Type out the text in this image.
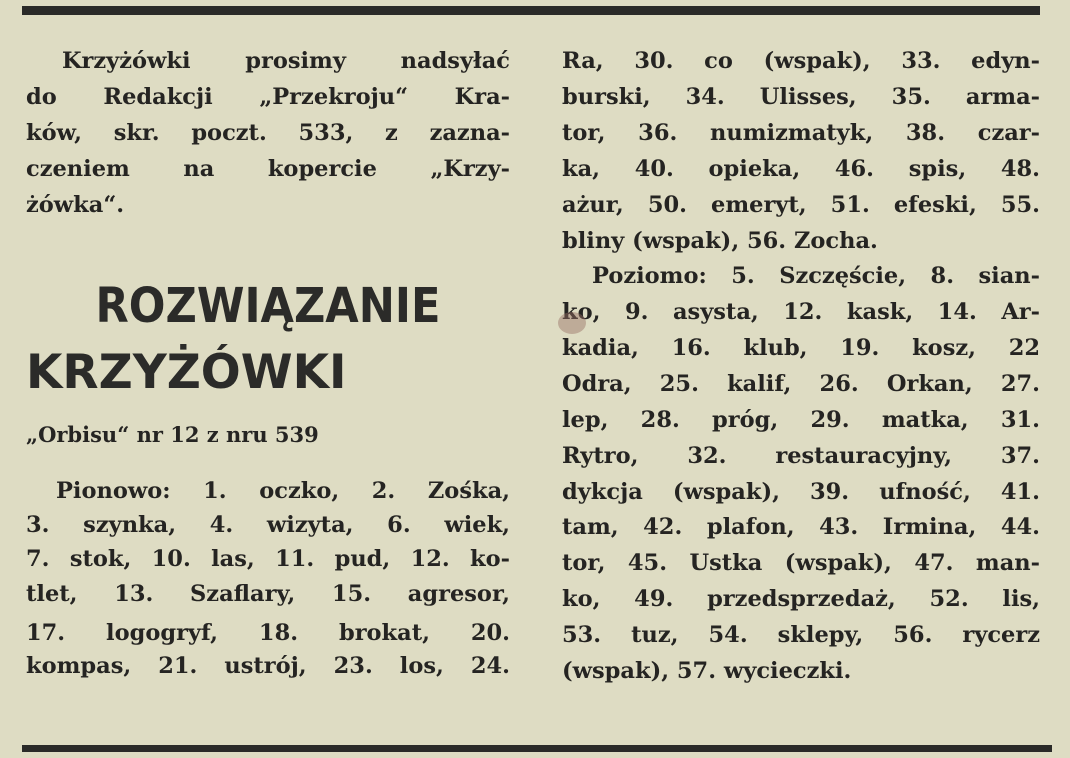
Krzyżówki prosimy nadsyłać
do Redakcji „Przekroju“ Kra-
ków, skr. poczt. 533, z zazna-
czeniem na kopercie „Krzy-
żówka“.
ROZWIĄZANIE
KRZYŻÓWKI
„Orbisu“ nr 12 z nru 539
Pionowo: 1. oczko, 2. Zośka,
3. szynka, 4. wizyta, 6. wiek,
7. stok, 10. las, 11. pud, 12. ko-
tlet, 13. Szaflary, 15. agresor,
17. logogryf, 18. brokat, 20.
kompas, 21. ustrój, 23. los, 24.
Ra, 30. co (wspak), 33. edyn-
burski, 34. Ulisses, 35. arma-
tor, 36. numizmatyk, 38. czar-
ka, 40. opieka, 46. spis, 48.
ażur, 50. emeryt, 51. efeski, 55.
bliny (wspak), 56. Zocha.
Poziomo: 5. Szczęście, 8. sian-
ko, 9. asysta, 12. kask, 14. Ar-
kadia, 16. klub, 19. kosz, 22
Odra, 25. kalif, 26. Orkan, 27.
lep, 28. próg, 29. matka, 31.
Rytro, 32. restauracyjny, 37.
dykcja (wspak), 39. ufność, 41.
tam, 42. plafon, 43. Irmina, 44.
tor, 45. Ustka (wspak), 47. man-
ko, 49. przedsprzedaż, 52. lis,
53. tuz, 54. sklepy, 56. rycerz
(wspak), 57. wycieczki.
